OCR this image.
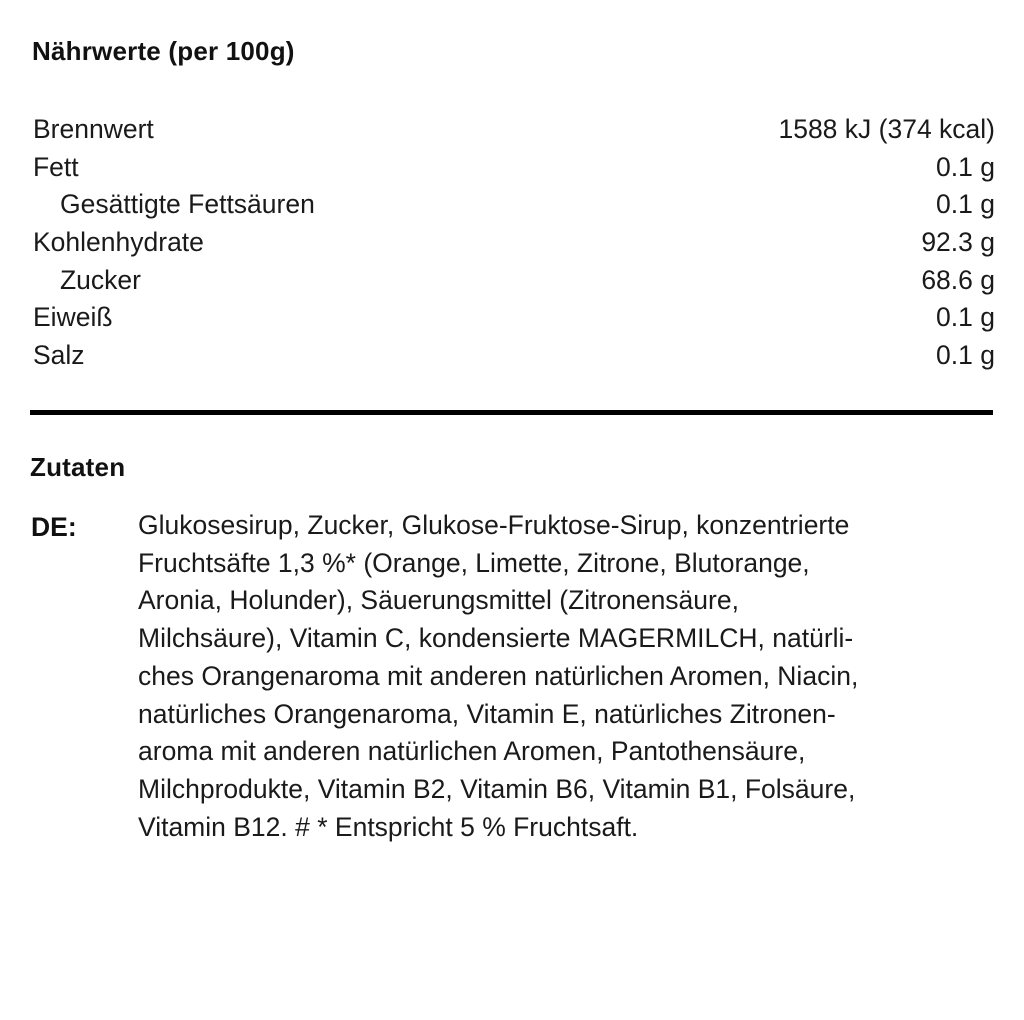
Nährwerte (per 100g)
Brennwert	1588 kJ (374 kcal)
Fett	0.1 g
Gesättigte Fettsäuren	0.1 g
Kohlenhydrate	92.3 g
Zucker	68.6 g
Eiweiß	0.1 g
Salz	0.1 g
Zutaten
DE: Glukosesirup, Zucker, Glukose-Fruktose-Sirup, konzentrierte
Fruchtsäfte 1,3 %* (Orange, Limette, Zitrone, Blutorange,
Aronia, Holunder), Säuerungsmittel (Zitronensäure,
Milchsäure), Vitamin C, kondensierte MAGERMILCH, natürli-
ches Orangenaroma mit anderen natürlichen Aromen, Niacin,
natürliches Orangenaroma, Vitamin E, natürliches Zitronen-
aroma mit anderen natürlichen Aromen, Pantothensäure,
Milchprodukte, Vitamin B2, Vitamin B6, Vitamin B1, Folsäure,
Vitamin B12. # * Entspricht 5 % Fruchtsaft.
